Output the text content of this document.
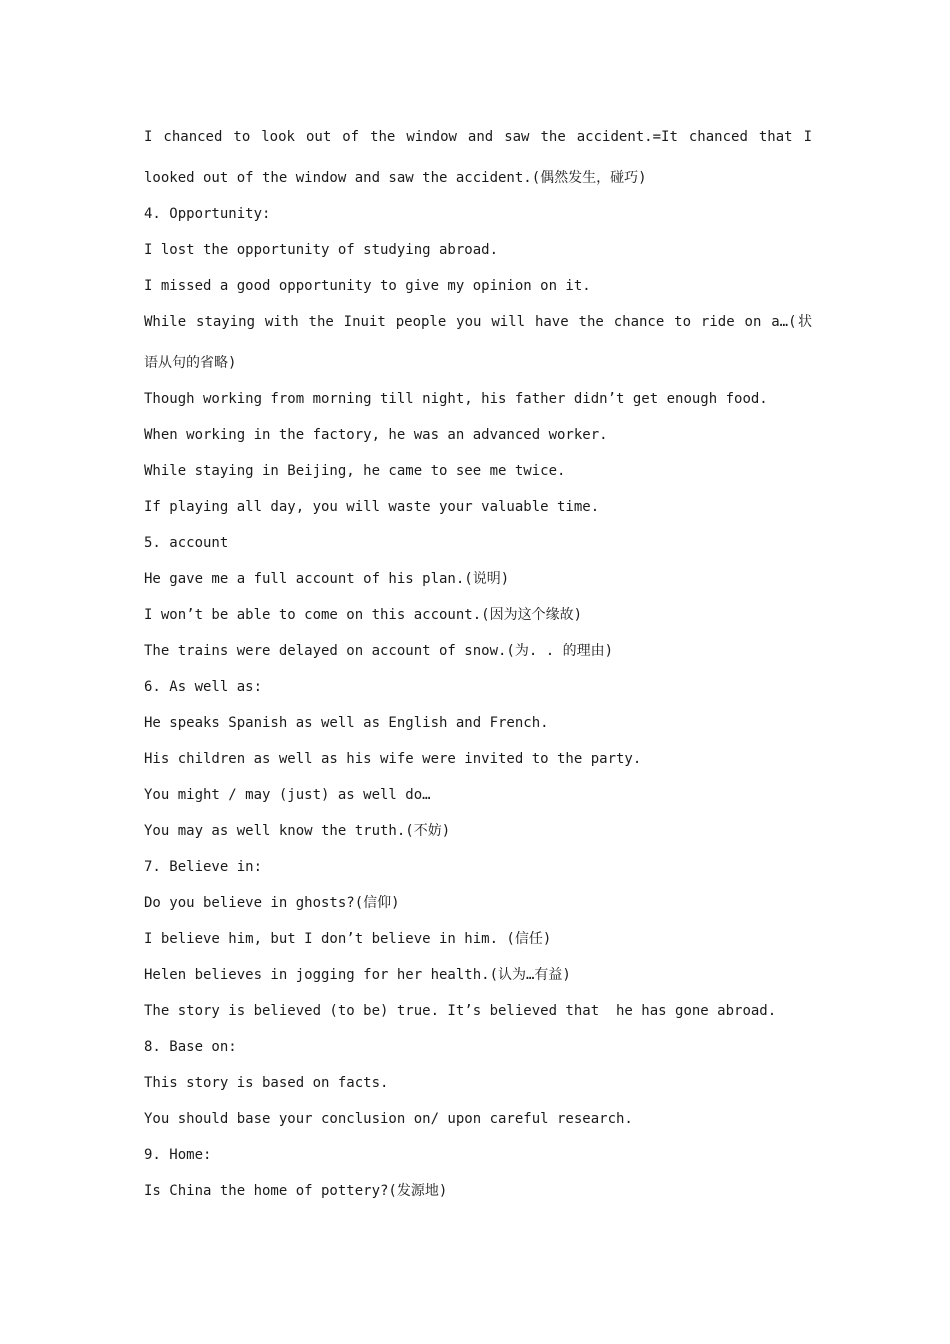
I chanced to look out of the window and saw the accident.=It chanced that I
looked out of the window and saw the accident.(偶然发生，碰巧)
4. Opportunity:
I lost the opportunity of studying abroad.
I missed a good opportunity to give my opinion on it.
While staying with the Inuit people you will have the chance to ride on a…(状
语从句的省略)
Though working from morning till night, his father didn’t get enough food.
When working in the factory, he was an advanced worker.
While staying in Beijing, he came to see me twice.
If playing all day, you will waste your valuable time.
5. account
He gave me a full account of his plan.(说明)
I won’t be able to come on this account.(因为这个缘故)
The trains were delayed on account of snow.(为. . 的理由)
6. As well as:
He speaks Spanish as well as English and French.
His children as well as his wife were invited to the party.
You might / may (just) as well do…
You may as well know the truth.(不妨)
7. Believe in:
Do you believe in ghosts?(信仰)
I believe him, but I don’t believe in him. (信任)
Helen believes in jogging for her health.(认为…有益)
The story is believed (to be) true. It’s believed that  he has gone abroad.
8. Base on:
This story is based on facts.
You should base your conclusion on/ upon careful research.
9. Home:
Is China the home of pottery?(发源地)
